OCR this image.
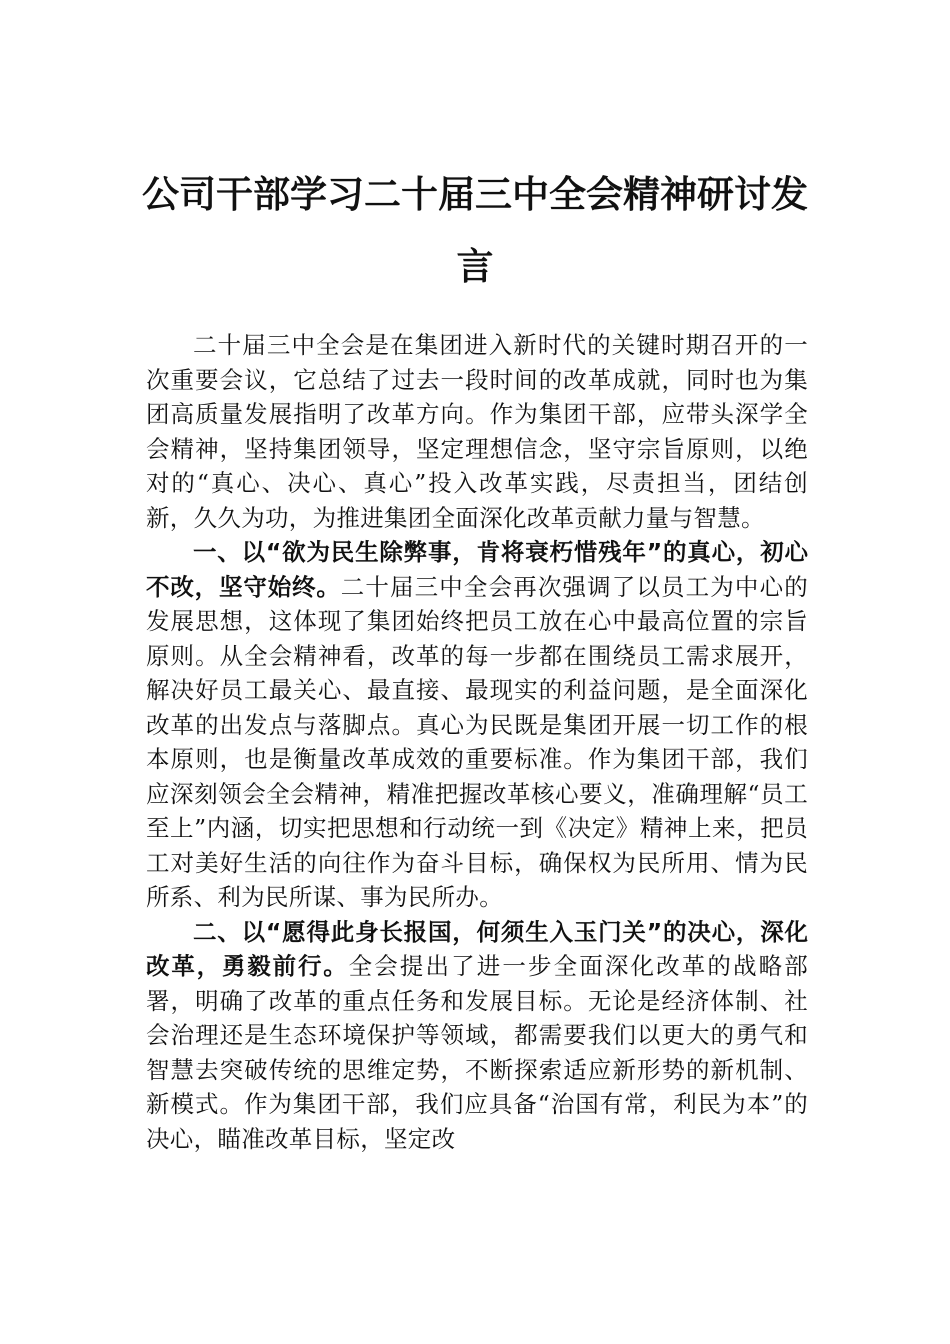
公司干部学习二十届三中全会精神研讨发言

二十届三中全会是在集团进入新时代的关键时期召开的一次重要会议，它总结了过去一段时间的改革成就，同时也为集团高质量发展指明了改革方向。作为集团干部，应带头深学全会精神，坚持集团领导，坚定理想信念，坚守宗旨原则，以绝对的“真心、决心、真心”投入改革实践，尽责担当，团结创新，久久为功，为推进集团全面深化改革贡献力量与智慧。

一、以“欲为民生除弊事，肯将衰朽惜残年”的真心，初心不改，坚守始终。二十届三中全会再次强调了以员工为中心的发展思想，这体现了集团始终把员工放在心中最高位置的宗旨原则。从全会精神看，改革的每一步都在围绕员工需求展开，解决好员工最关心、最直接、最现实的利益问题，是全面深化改革的出发点与落脚点。真心为民既是集团开展一切工作的根本原则，也是衡量改革成效的重要标准。作为集团干部，我们应深刻领会全会精神，精准把握改革核心要义，准确理解“员工至上”内涵，切实把思想和行动统一到《决定》精神上来，把员工对美好生活的向往作为奋斗目标，确保权为民所用、情为民所系、利为民所谋、事为民所办。

二、以“愿得此身长报国，何须生入玉门关”的决心，深化改革，勇毅前行。全会提出了进一步全面深化改革的战略部署，明确了改革的重点任务和发展目标。无论是经济体制、社会治理还是生态环境保护等领域，都需要我们以更大的勇气和智慧去突破传统的思维定势，不断探索适应新形势的新机制、新模式。作为集团干部，我们应具备“治国有常，利民为本”的决心，瞄准改革目标，坚定改
